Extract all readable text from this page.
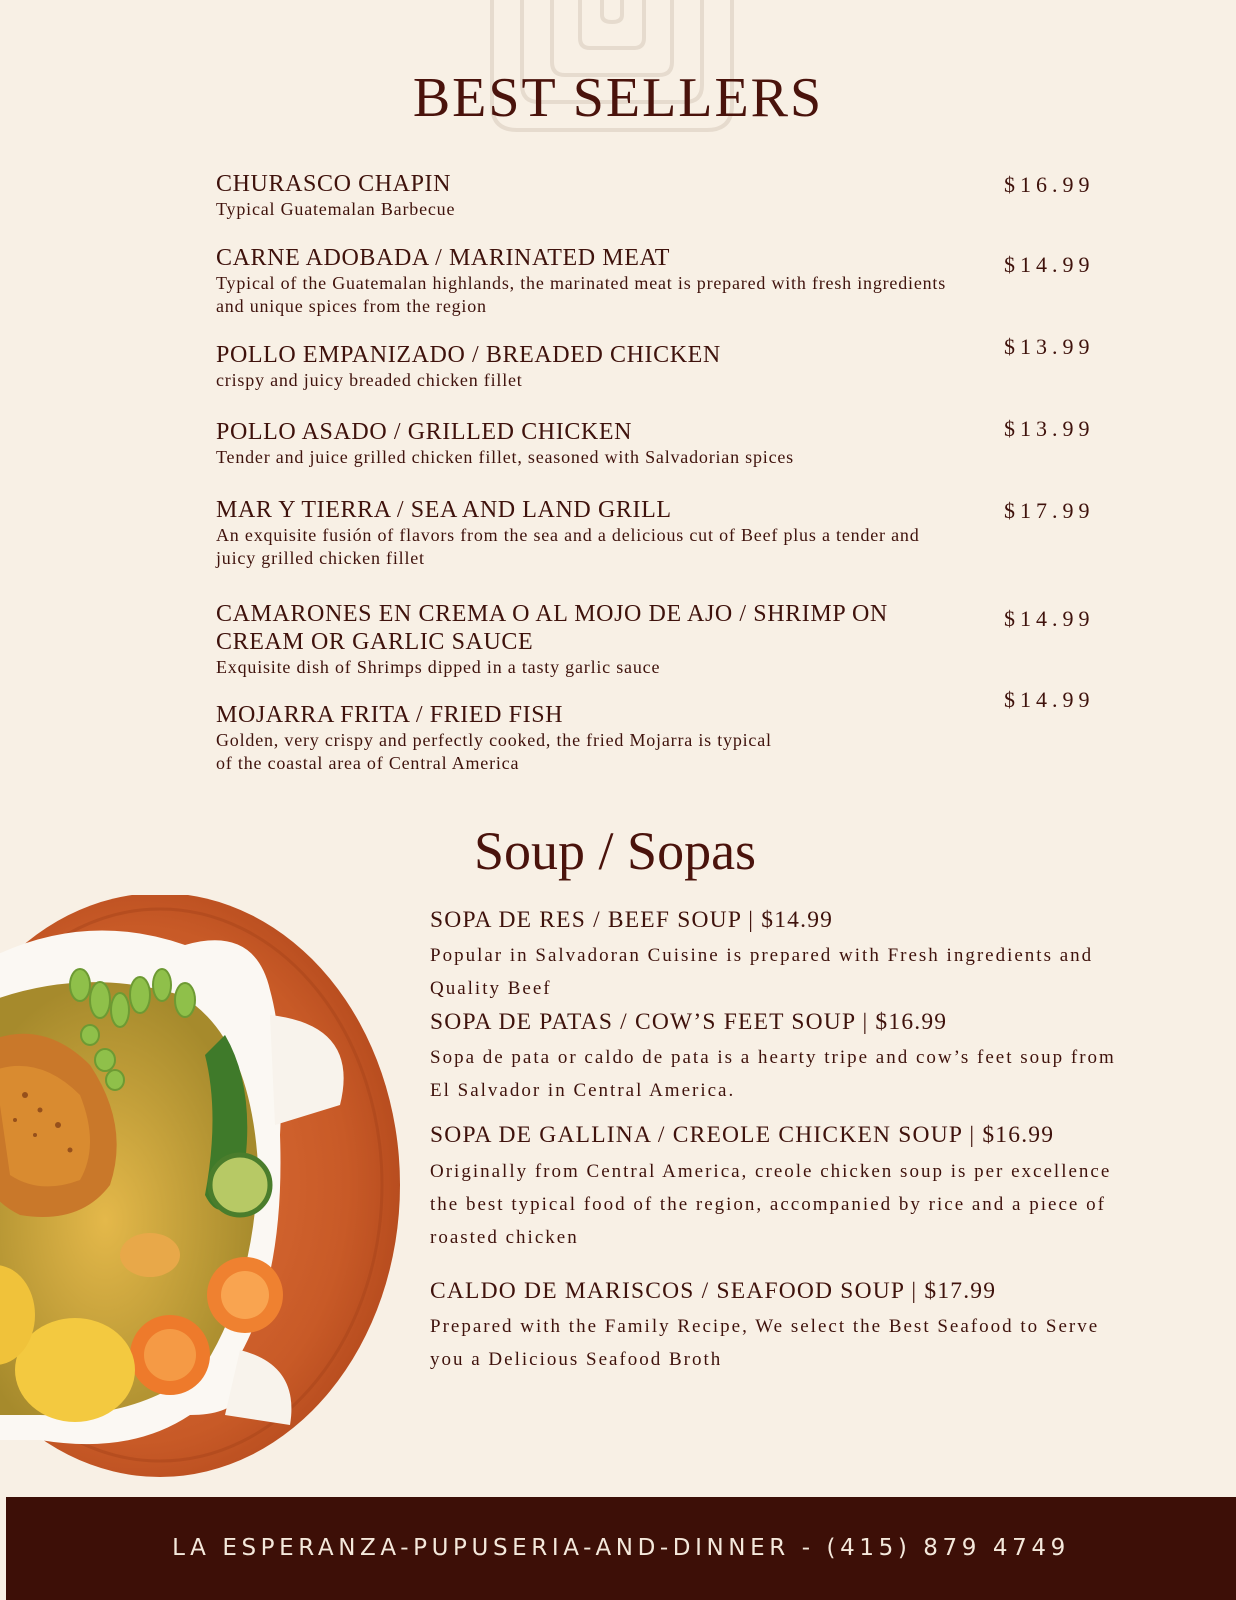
BEST SELLERS
CHURASCO CHAPIN
Typical Guatemalan Barbecue
$16.99
CARNE ADOBADA / MARINATED MEAT
Typical of the Guatemalan highlands, the marinated meat is prepared with fresh ingredients and unique spices from the region
$14.99
POLLO EMPANIZADO / BREADED CHICKEN
crispy and juicy breaded chicken fillet
$13.99
POLLO ASADO / GRILLED CHICKEN
Tender and juice grilled chicken fillet, seasoned with Salvadorian spices
$13.99
MAR Y TIERRA / SEA AND LAND GRILL
An exquisite fusión of flavors from the sea and a delicious cut of Beef plus a tender and juicy grilled chicken fillet
$17.99
CAMARONES EN CREMA O AL MOJO DE AJO / SHRIMP ON CREAM OR GARLIC SAUCE
Exquisite dish of Shrimps dipped in a tasty garlic sauce
$14.99
MOJARRA FRITA / FRIED FISH
Golden, very crispy and perfectly cooked, the fried Mojarra is typical of the coastal area of Central America
$14.99
Soup / Sopas
SOPA DE RES / BEEF SOUP | $14.99
Popular in Salvadoran Cuisine is prepared with Fresh ingredients and Quality Beef
SOPA DE PATAS / COW’S FEET SOUP | $16.99
Sopa de pata or caldo de pata is a hearty tripe and cow’s feet soup from El Salvador in Central America.
SOPA DE GALLINA / CREOLE CHICKEN SOUP | $16.99
Originally from Central America, creole chicken soup is per excellence the best typical food of the region, accompanied by rice and a piece of roasted chicken
CALDO DE MARISCOS / SEAFOOD SOUP | $17.99
Prepared with the Family Recipe, We select the Best Seafood to Serve you a Delicious Seafood Broth
LA ESPERANZA-PUPUSERIA-AND-DINNER - (415) 879 4749
